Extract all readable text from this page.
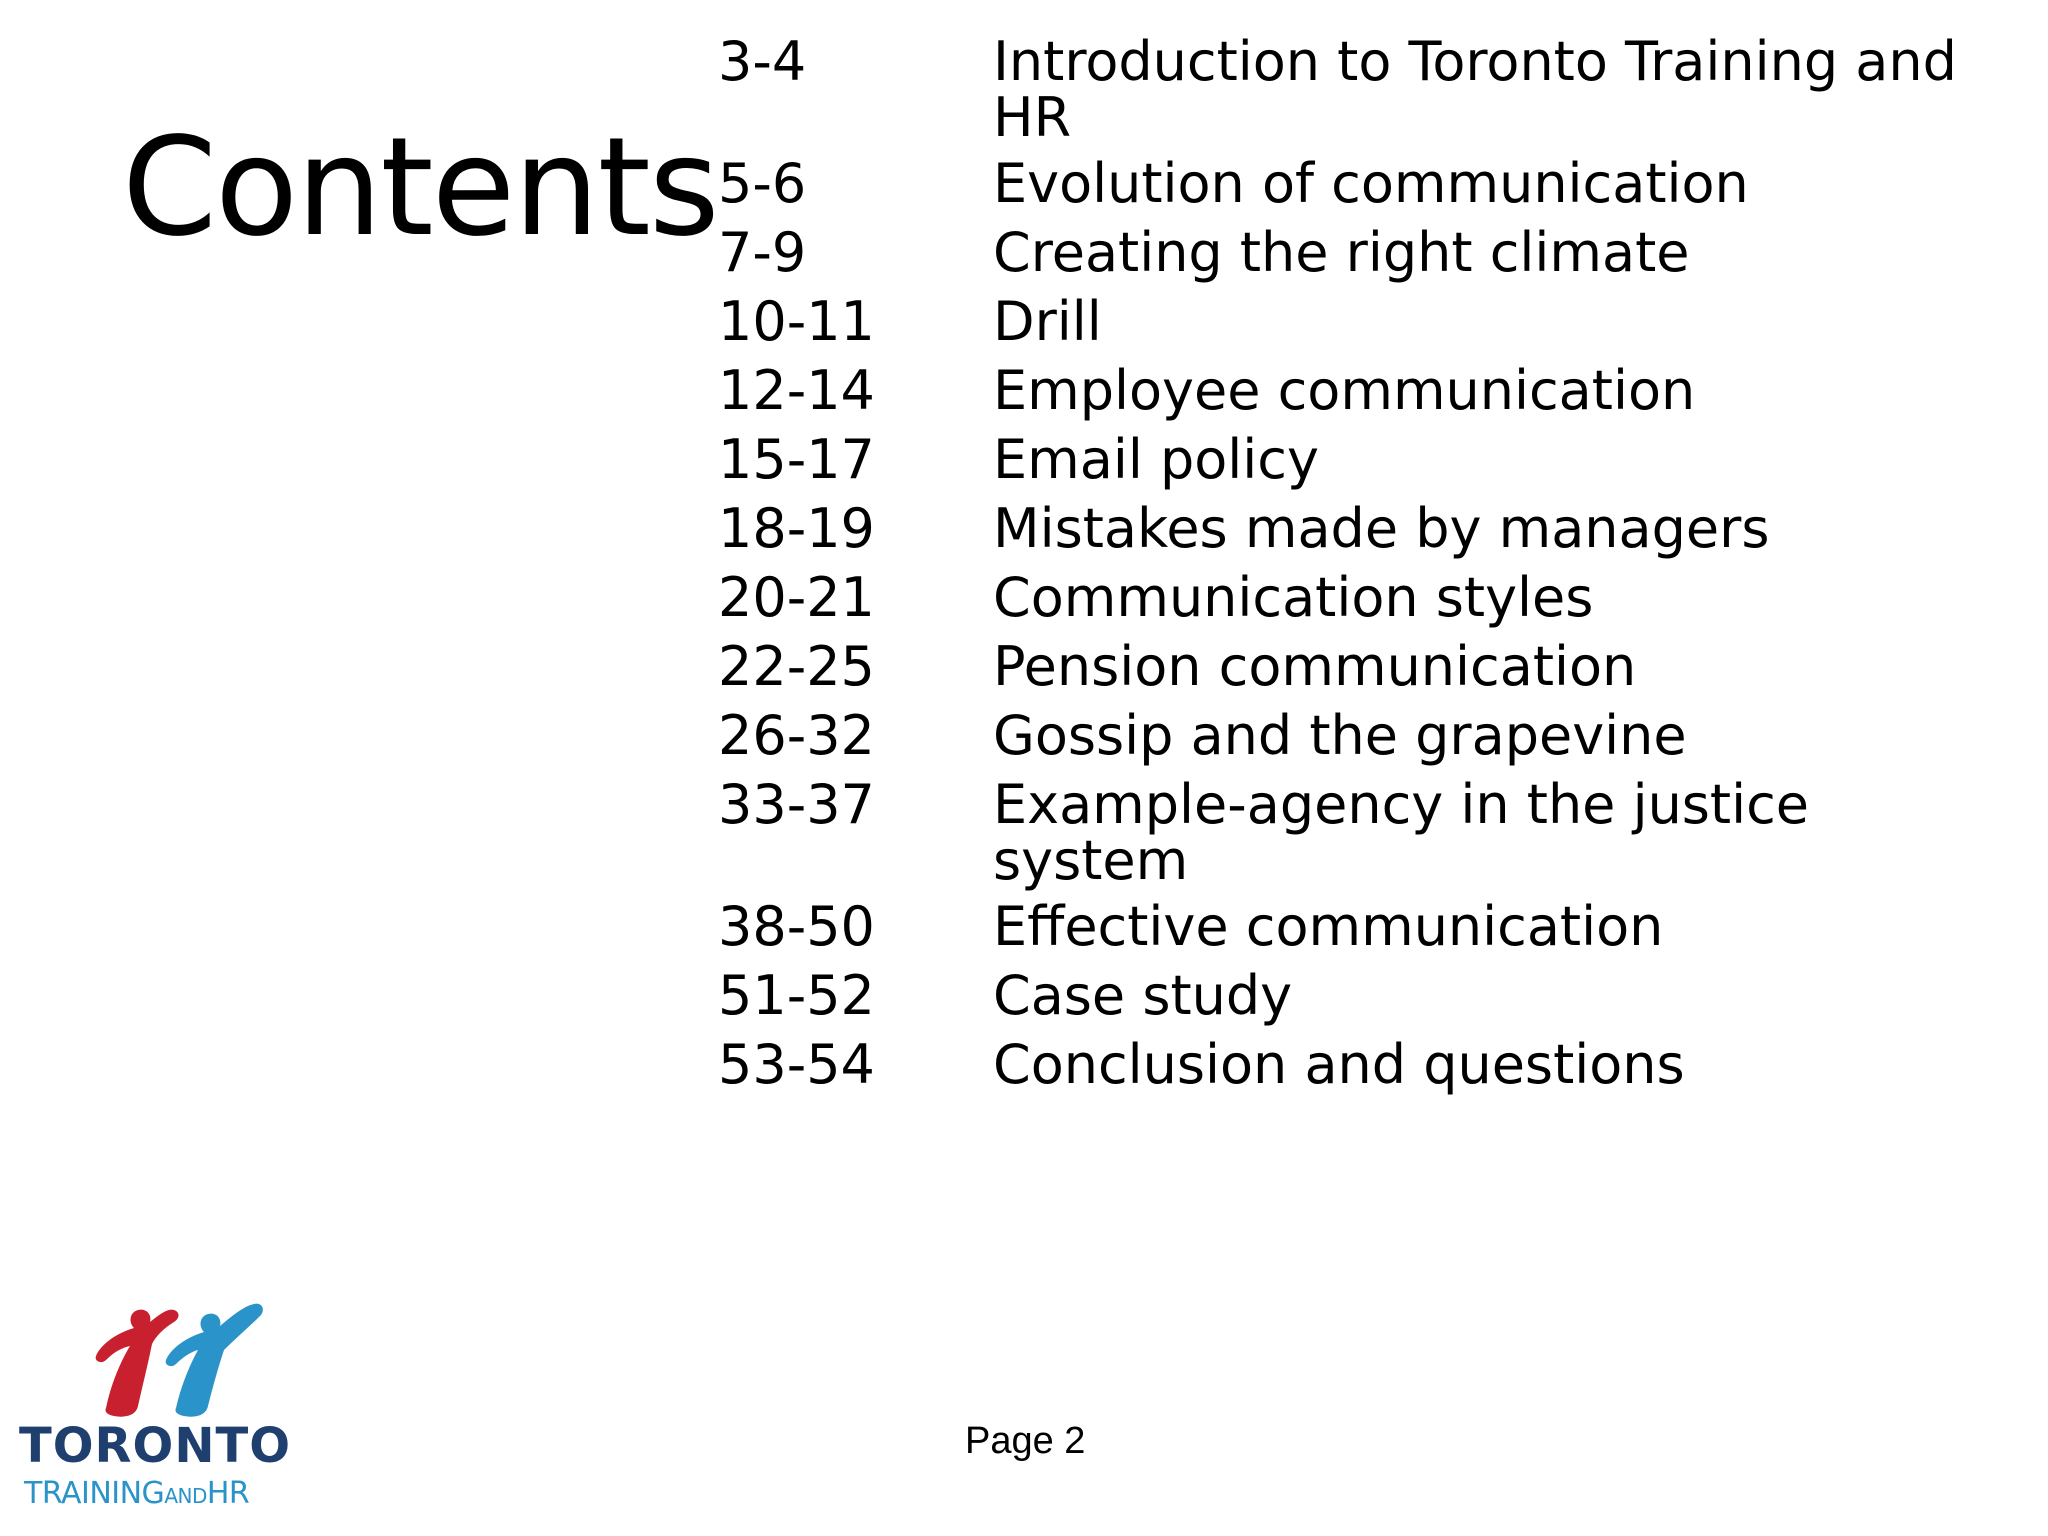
Contents
3-4	Introduction to Toronto Training and HR
5-6	Evolution of communication
7-9	Creating the right climate
10-11 Drill
12-14 Employee communication
15-17 Email policy
18-19 Mistakes made by managers
20-21 Communication styles
22-25 Pension communication
26-32 Gossip and the grapevine
33-37 Example-agency in the justice system
38-50 Effective communication
51-52 Case study
53-54 Conclusion and questions
TORONTO
TRAININGANDHR
Page 2
